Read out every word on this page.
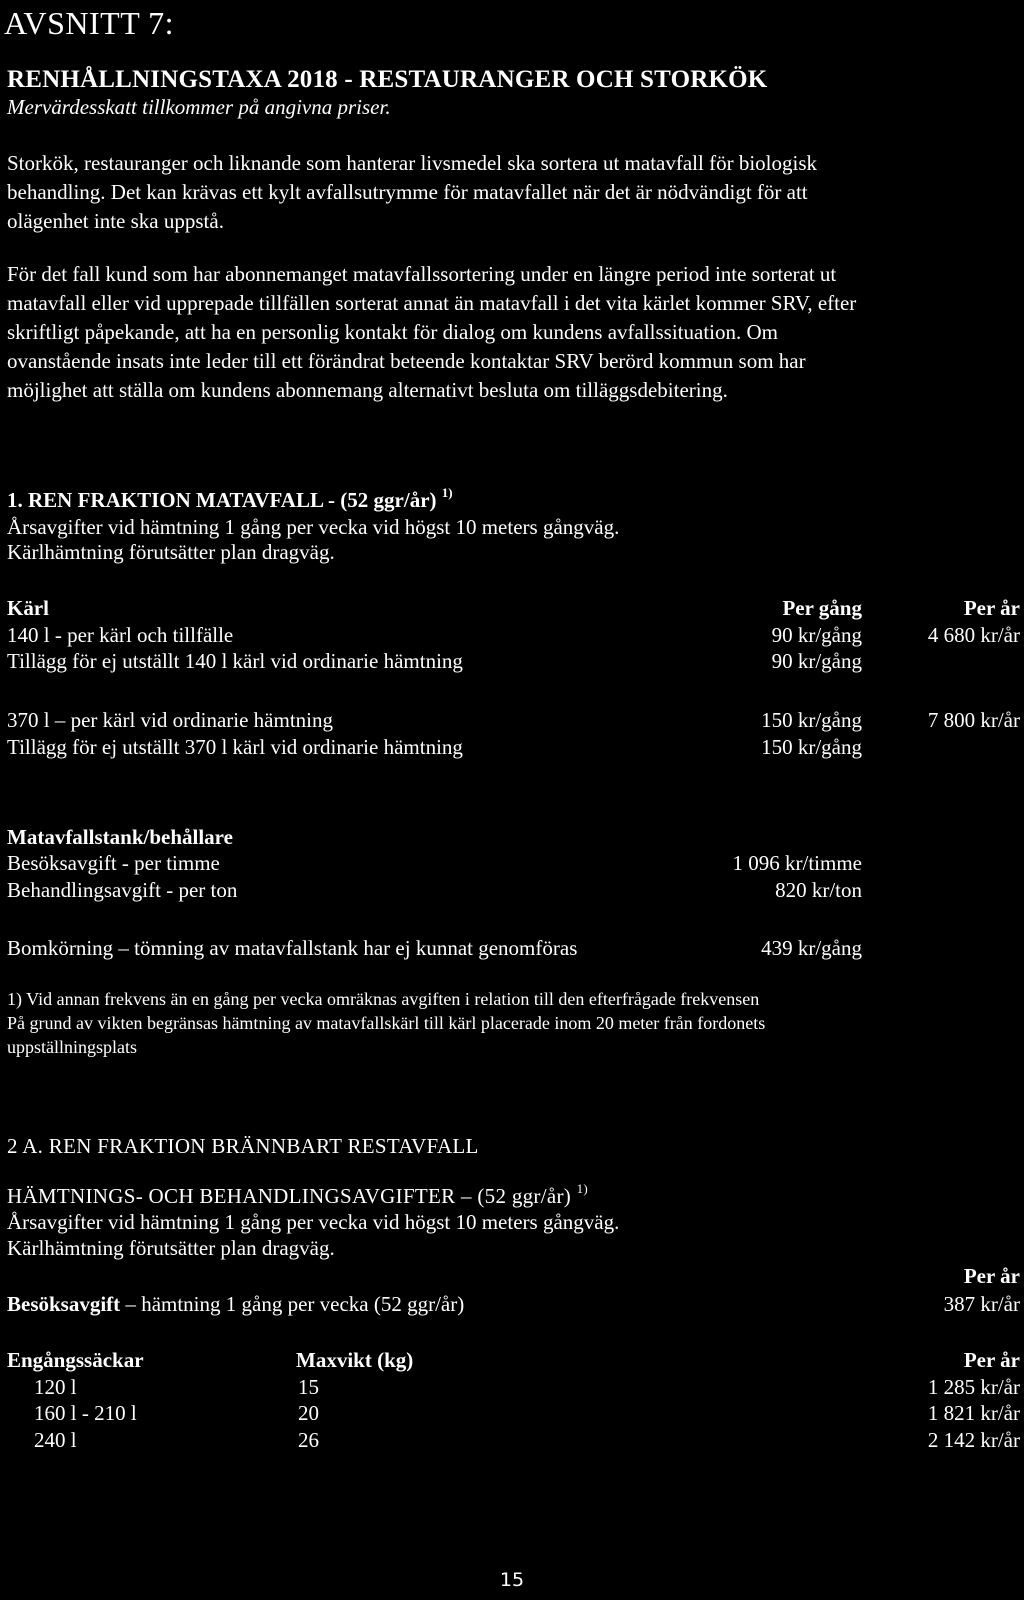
AVSNITT 7:
RENHÅLLNINGSTAXA 2018 - RESTAURANGER OCH STORKÖK
Mervärdesskatt tillkommer på angivna priser.
Storkök, restauranger och liknande som hanterar livsmedel ska sortera ut matavfall för biologisk
behandling. Det kan krävas ett kylt avfallsutrymme för matavfallet när det är nödvändigt för att
olägenhet inte ska uppstå.
För det fall kund som har abonnemanget matavfallssortering under en längre period inte sorterat ut
matavfall eller vid upprepade tillfällen sorterat annat än matavfall i det vita kärlet kommer SRV, efter
skriftligt påpekande, att ha en personlig kontakt för dialog om kundens avfallssituation. Om
ovanstående insats inte leder till ett förändrat beteende kontaktar SRV berörd kommun som har
möjlighet att ställa om kundens abonnemang alternativt besluta om tilläggsdebitering.
1. REN FRAKTION MATAVFALL - (52 ggr/år) $^{1)}$
Årsavgifter vid hämtning 1 gång per vecka vid högst 10 meters gångväg.
Kärlhämtning förutsätter plan dragväg.
Kärl	Per gång	Per år
140 l - per kärl och tillfälle	90 kr/gång	4 680 kr/år
Tillägg för ej utställt 140 l kärl vid ordinarie hämtning	90 kr/gång
370 l – per kärl vid ordinarie hämtning	150 kr/gång	7 800 kr/år
Tillägg för ej utställt 370 l kärl vid ordinarie hämtning	150 kr/gång
Matavfallstank/behållare
Besöksavgift - per timme	1 096 kr/timme
Behandlingsavgift - per ton	820 kr/ton
Bomkörning – tömning av matavfallstank har ej kunnat genomföras	439 kr/gång
1) Vid annan frekvens än en gång per vecka omräknas avgiften i relation till den efterfrågade frekvensen
På grund av vikten begränsas hämtning av matavfallskärl till kärl placerade inom 20 meter från fordonets
uppställningsplats
2 A. REN FRAKTION BRÄNNBART RESTAVFALL
HÄMTNINGS- OCH BEHANDLINGSAVGIFTER – (52 ggr/år) $^{1)}$
Årsavgifter vid hämtning 1 gång per vecka vid högst 10 meters gångväg.
Kärlhämtning förutsätter plan dragväg.
Per år
Besöksavgift – hämtning 1 gång per vecka (52 ggr/år)	387 kr/år
Engångssäckar	Maxvikt (kg)	Per år
120 l	15	1 285 kr/år
160 l - 210 l	20	1 821 kr/år
240 l	26	2 142 kr/år
15
